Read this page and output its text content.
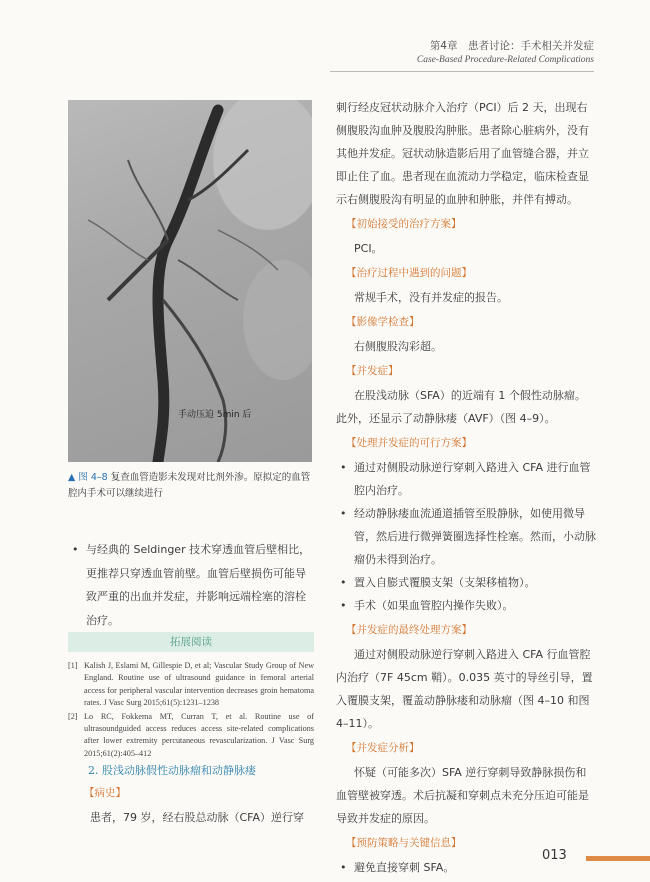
第4章　患者讨论：手术相关并发症
Case-Based Procedure-Related Complications
手动压迫 5min 后
▲ 图 4–8 复查血管造影未发现对比剂外渗。原拟定的血管腔内手术可以继续进行
• 与经典的 Seldinger 技术穿透血管后壁相比，更推荐只穿透血管前壁。血管后壁损伤可能导致严重的出血并发症，并影响远端栓塞的溶栓治疗。
拓展阅读
[1] Kalish J, Eslami M, Gillespie D, et al; Vascular Study Group of New England. Routine use of ultrasound guidance in femoral arterial access for peripheral vascular intervention decreases groin hematoma rates. J Vasc Surg 2015;61(5):1231–1238
[2] Lo RC, Fokkema MT, Curran T, et al. Routine use of ultrasoundguided access reduces access site-related complications after lower extremity percutaneous revascularization. J Vasc Surg 2015;61(2):405–412
2. 股浅动脉假性动脉瘤和动静脉瘘
【病史】
患者，79 岁，经右股总动脉（CFA）逆行穿

刺行经皮冠状动脉介入治疗（PCI）后 2 天，出现右侧腹股沟血肿及腹股沟肿胀。患者除心脏病外，没有其他并发症。冠状动脉造影后用了血管缝合器，并立即止住了血。患者现在血流动力学稳定，临床检查显示右侧腹股沟有明显的血肿和肿胀，并伴有搏动。

【初始接受的治疗方案】

PCI。

【治疗过程中遇到的问题】

常规手术，没有并发症的报告。

【影像学检查】

右侧腹股沟彩超。

【并发症】

在股浅动脉（SFA）的近端有 1 个假性动脉瘤。此外，还显示了动静脉瘘（AVF）（图 4–9）。

【处理并发症的可行方案】
• 通过对侧股动脉逆行穿刺入路进入 CFA 进行血管腔内治疗。
• 经动静脉瘘血流通道插管至股静脉，如使用微导管，然后进行微弹簧圈选择性栓塞。然而，小动脉瘤仍未得到治疗。
• 置入自膨式覆膜支架（支架移植物）。
• 手术（如果血管腔内操作失败）。
【并发症的最终处理方案】

通过对侧股动脉逆行穿刺入路进入 CFA 行血管腔内治疗（7F 45cm 鞘）。0.035 英寸的导丝引导，置入覆膜支架，覆盖动静脉瘘和动脉瘤（图 4–10 和图 4–11）。

【并发症分析】

怀疑（可能多次）SFA 逆行穿刺导致静脉损伤和血管壁被穿透。术后抗凝和穿刺点未充分压迫可能是导致并发症的原因。

【预防策略与关键信息】
• 避免直接穿刺 SFA。
013
